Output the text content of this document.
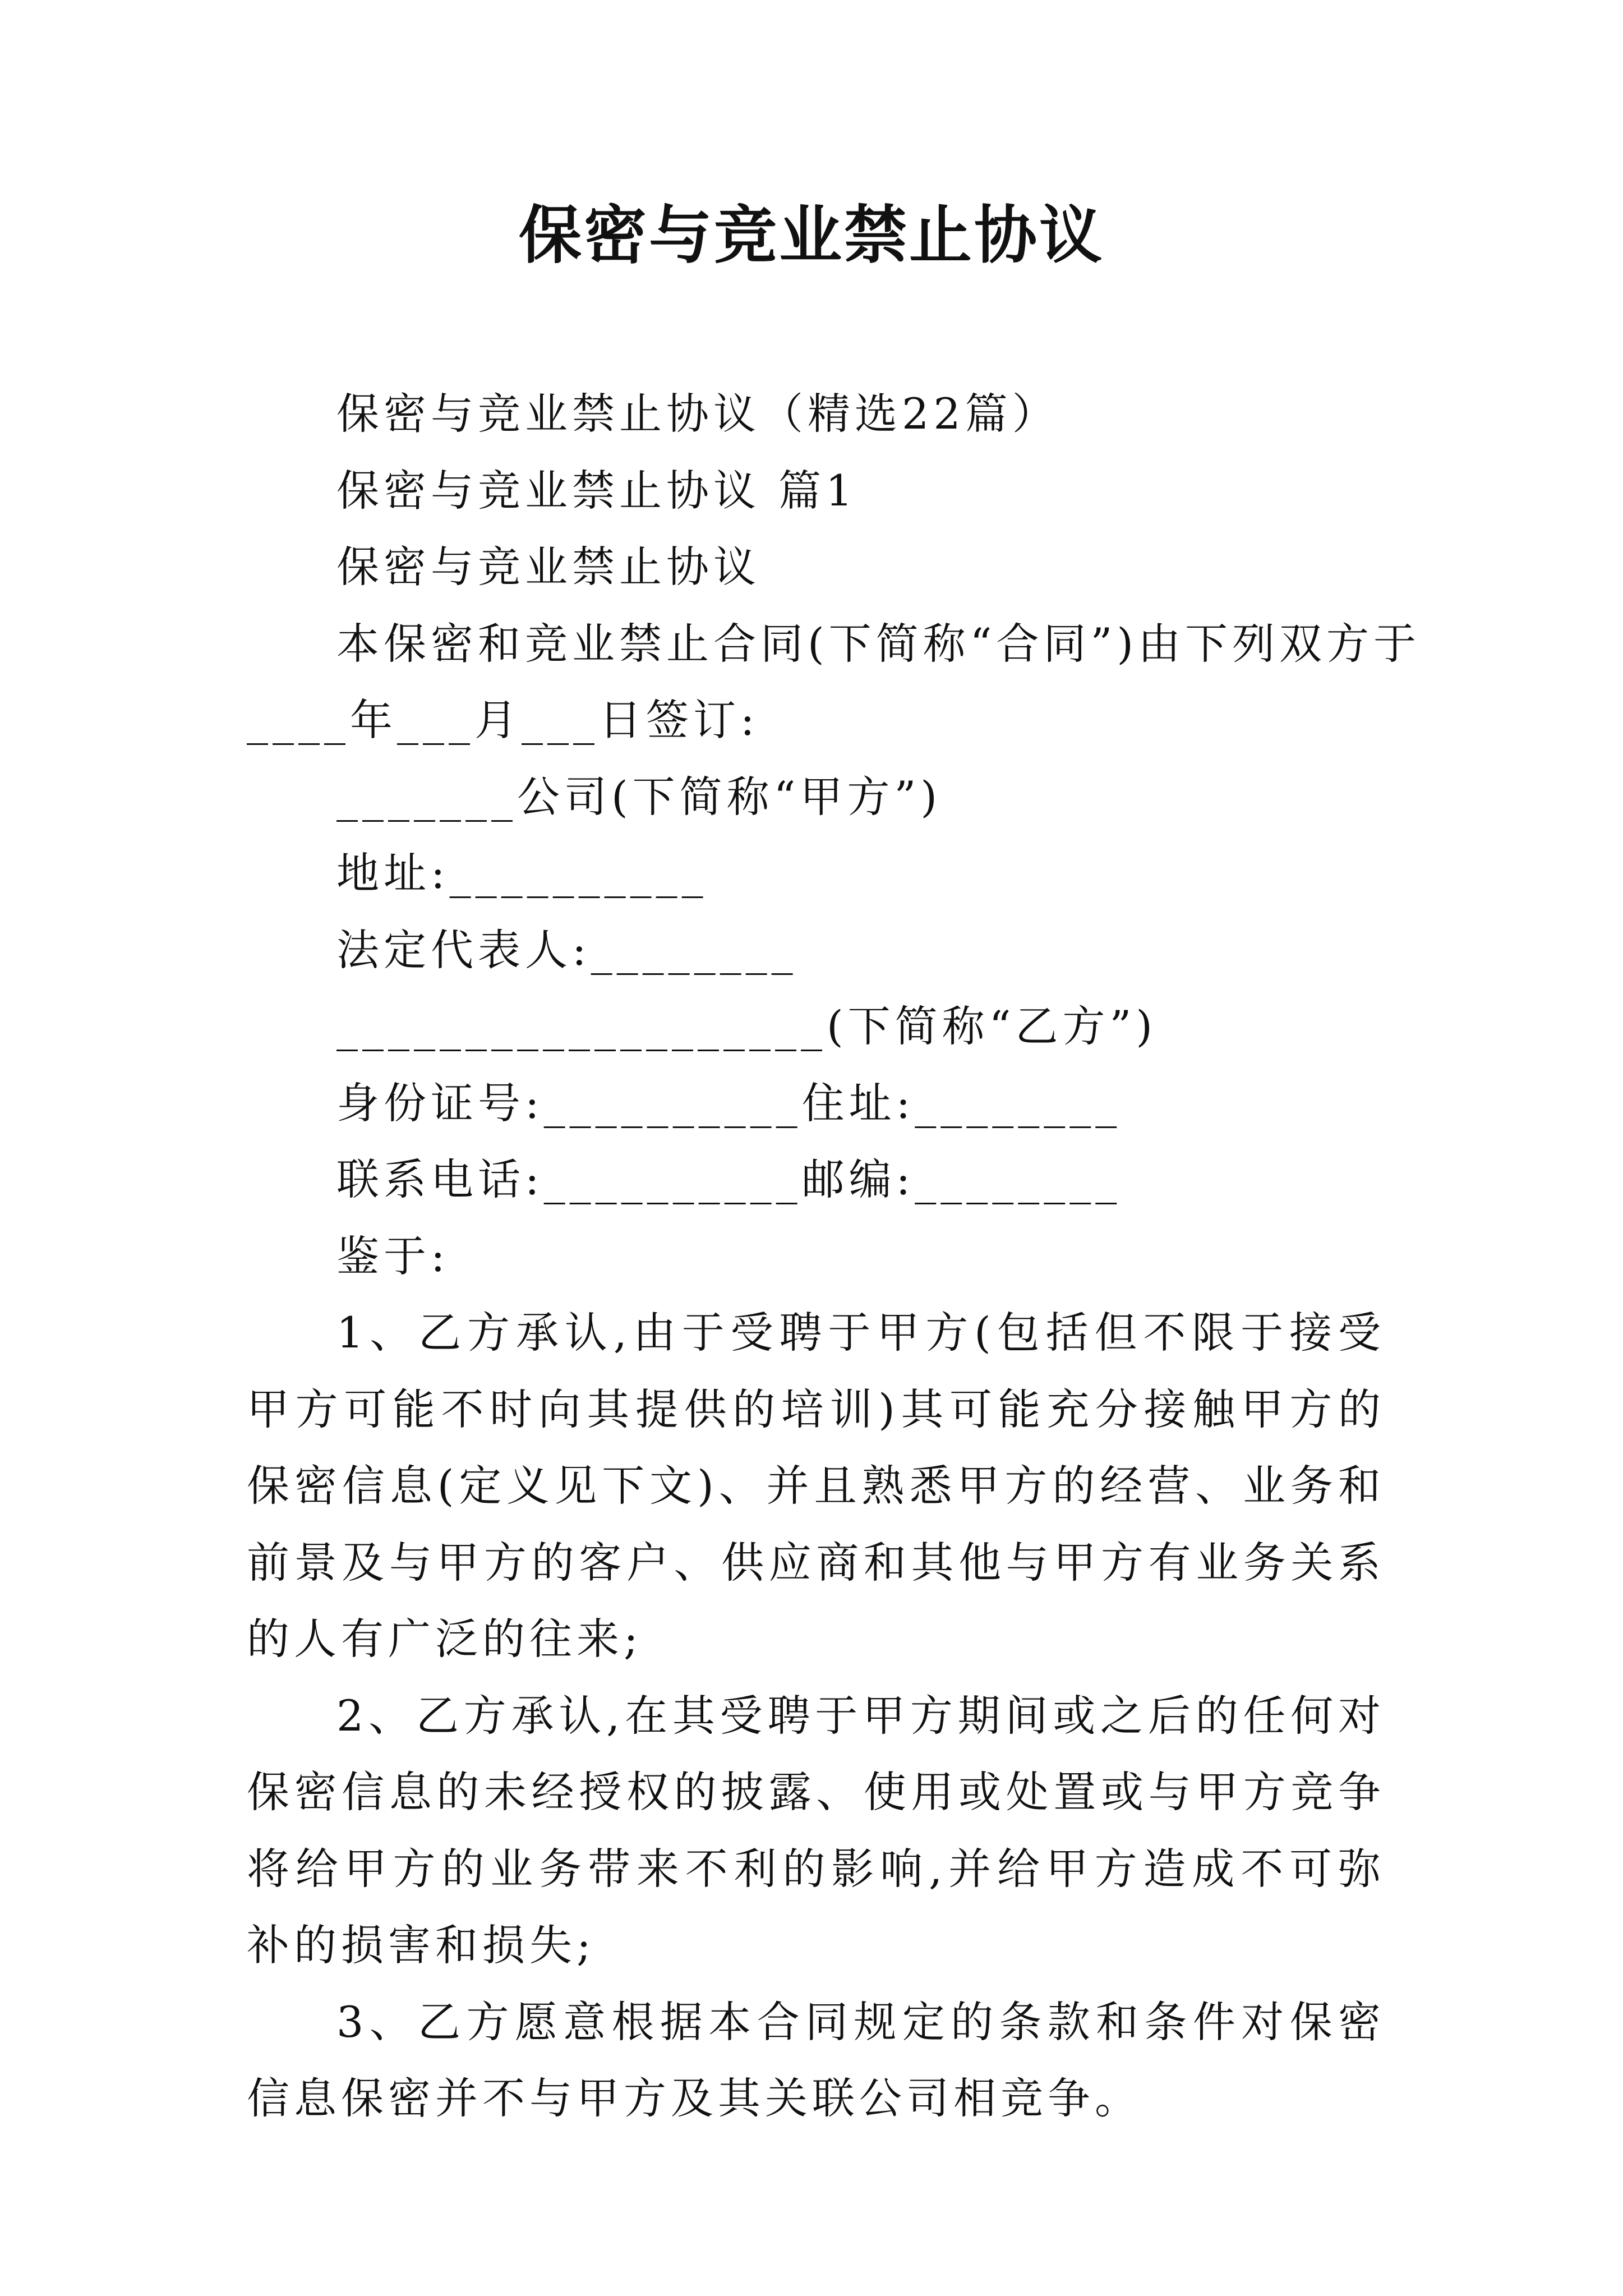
保密与竞业禁止协议

保密与竞业禁止协议（精选22篇）

保密与竞业禁止协议 篇1

保密与竞业禁止协议

本保密和竞业禁止合同(下简称“合同”)由下列双方于

____年___月___日签订:

_______公司(下简称“甲方”)

地址:__________

法定代表人:________

___________________(下简称“乙方”)

身份证号:__________住址:________

联系电话:__________邮编:________

鉴于:

1、乙方承认,由于受聘于甲方(包括但不限于接受甲方可能不时向其提供的培训)其可能充分接触甲方的保密信息(定义见下文)、并且熟悉甲方的经营、业务和前景及与甲方的客户、供应商和其他与甲方有业务关系的人有广泛的往来;

2、乙方承认,在其受聘于甲方期间或之后的任何对保密信息的未经授权的披露、使用或处置或与甲方竞争将给甲方的业务带来不利的影响,并给甲方造成不可弥补的损害和损失;

3、乙方愿意根据本合同规定的条款和条件对保密信息保密并不与甲方及其关联公司相竞争。
